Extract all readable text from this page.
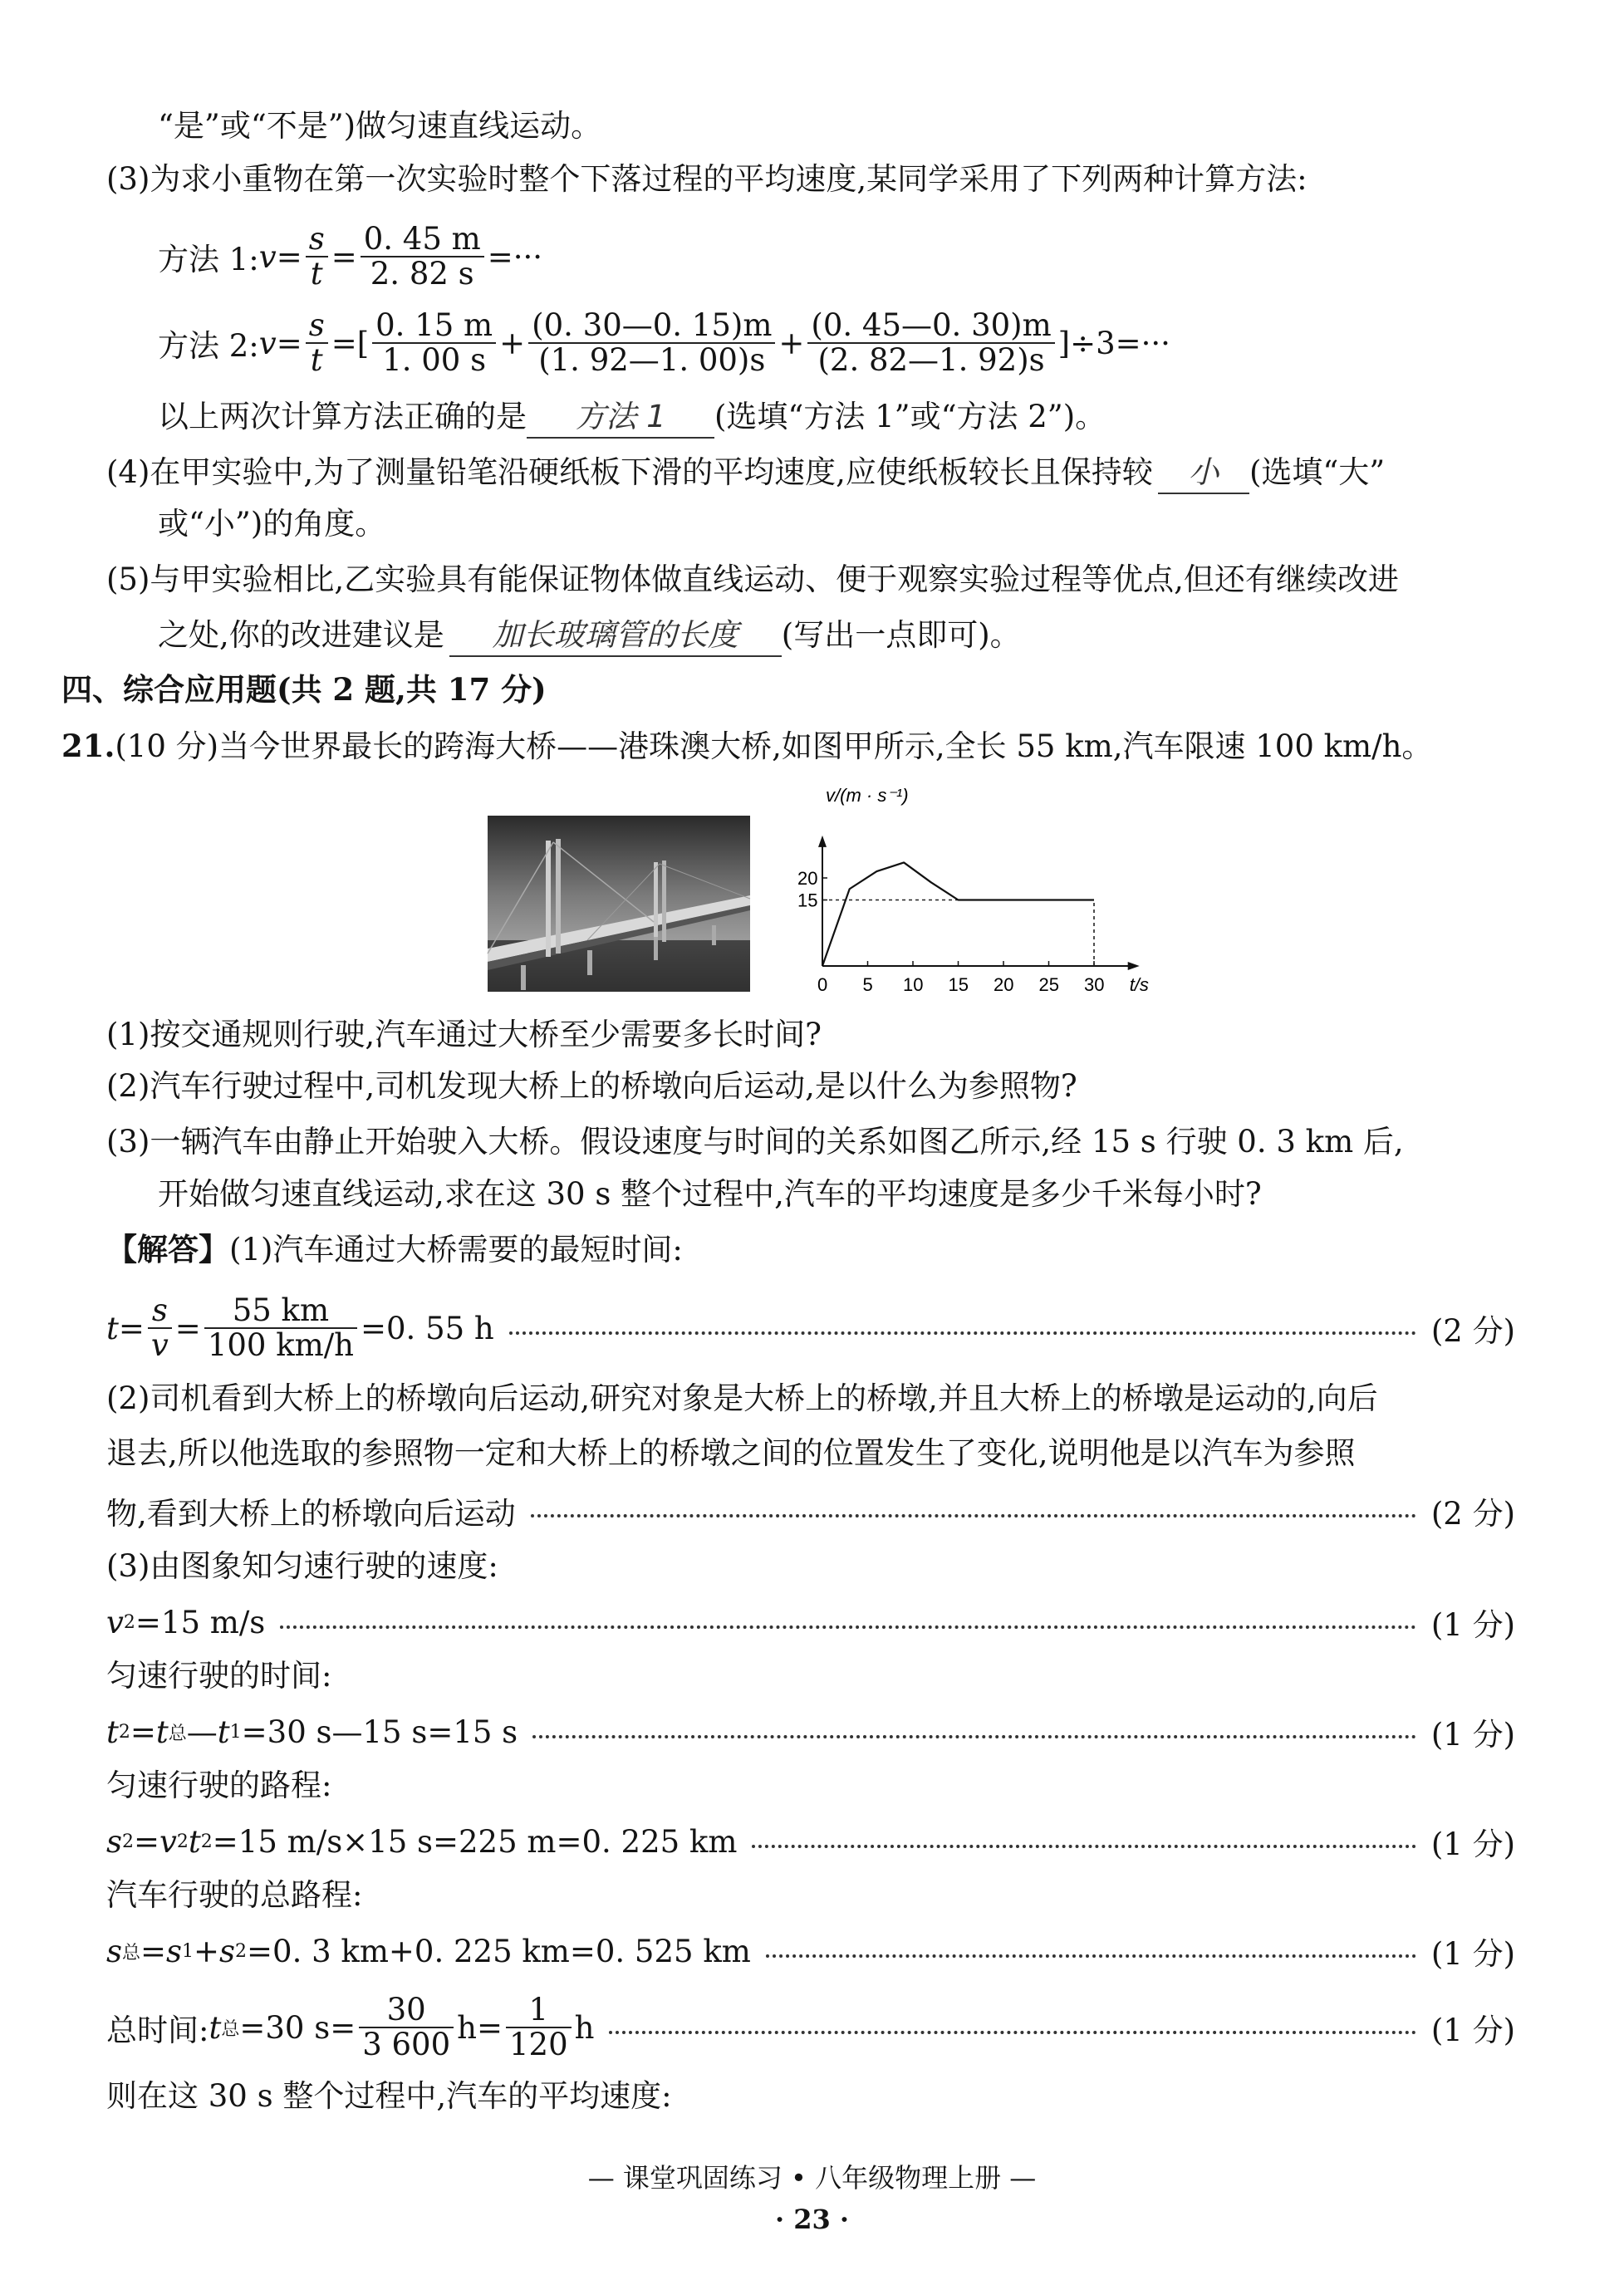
“是”或“不是”)做匀速直线运动。
(3)为求小重物在第一次实验时整个下落过程的平均速度,某同学采用了下列两种计算方法:
方法 1: $v = \frac{s}{t} = \frac{0. 45 m}{2. 82 s}$ =···
方法 2: $v = \frac{s}{t}$ =[ $\frac{0. 15 m}{1. 00 s} + \frac{(0. 30—0. 15)m}{(1. 92—1. 00)s} + \frac{(0. 45—0. 30)m}{(2. 82—1. 92)s} ]\div 3=\cdot\cdot\cdot$
以上两次计算方法正确的是 方法 1 (选填“方法 1”或“方法 2”)。
(4)在甲实验中,为了测量铅笔沿硬纸板下滑的平均速度,应使纸板较长且保持较 小 (选填“大”
或“小”)的角度。
(5)与甲实验相比,乙实验具有能保证物体做直线运动、便于观察实验过程等优点,但还有继续改进
之处,你的改进建议是 加长玻璃管的长度 (写出一点即可)。
四、综合应用题(共 2 题,共 17 分)
21.(10 分)当今世界最长的跨海大桥——港珠澳大桥,如图甲所示,全长 55 km,汽车限速 100 km/h。
v/(m · s⁻¹)
t/s
0 5 10 15 20 25 30
15
20
(1)按交通规则行驶,汽车通过大桥至少需要多长时间?
(2)汽车行驶过程中,司机发现大桥上的桥墩向后运动,是以什么为参照物?
(3)一辆汽车由静止开始驶入大桥。假设速度与时间的关系如图乙所示,经 15 s 行驶 0. 3 km 后,
开始做匀速直线运动,求在这 30 s 整个过程中,汽车的平均速度是多少千米每小时?
【解答】(1)汽车通过大桥需要的最短时间:
$t = \frac{s}{v} = \frac{55 km}{100 km/h} =0$. 55 h	(2 分)
(2)司机看到大桥上的桥墩向后运动,研究对象是大桥上的桥墩,并且大桥上的桥墩是运动的,向后
退去,所以他选取的参照物一定和大桥上的桥墩之间的位置发生了变化,说明他是以汽车为参照
物,看到大桥上的桥墩向后运动	(2 分)
(3)由图象知匀速行驶的速度:
v 2 =15 m/s	(1 分)
匀速行驶的时间:
t 2 = t 总 — t 1 =30 s—15 s=15 s	(1 分)
匀速行驶的路程:
s 2 = v 2 t 2 =15 m/s×15 s=225 m=0. 225 km	(1 分)
汽车行驶的总路程:
s 总 = s 1 + s 2 =0. 3 km+0. 225 km=0. 525 km	(1 分)
总时间: t 总 =30 $s= \frac{30}{3 600} h= \frac{1}{120}$ h	(1 分)
则在这 30 s 整个过程中,汽车的平均速度:
— 课堂巩固练习 • 八年级物理上册 —
· 23 ·
